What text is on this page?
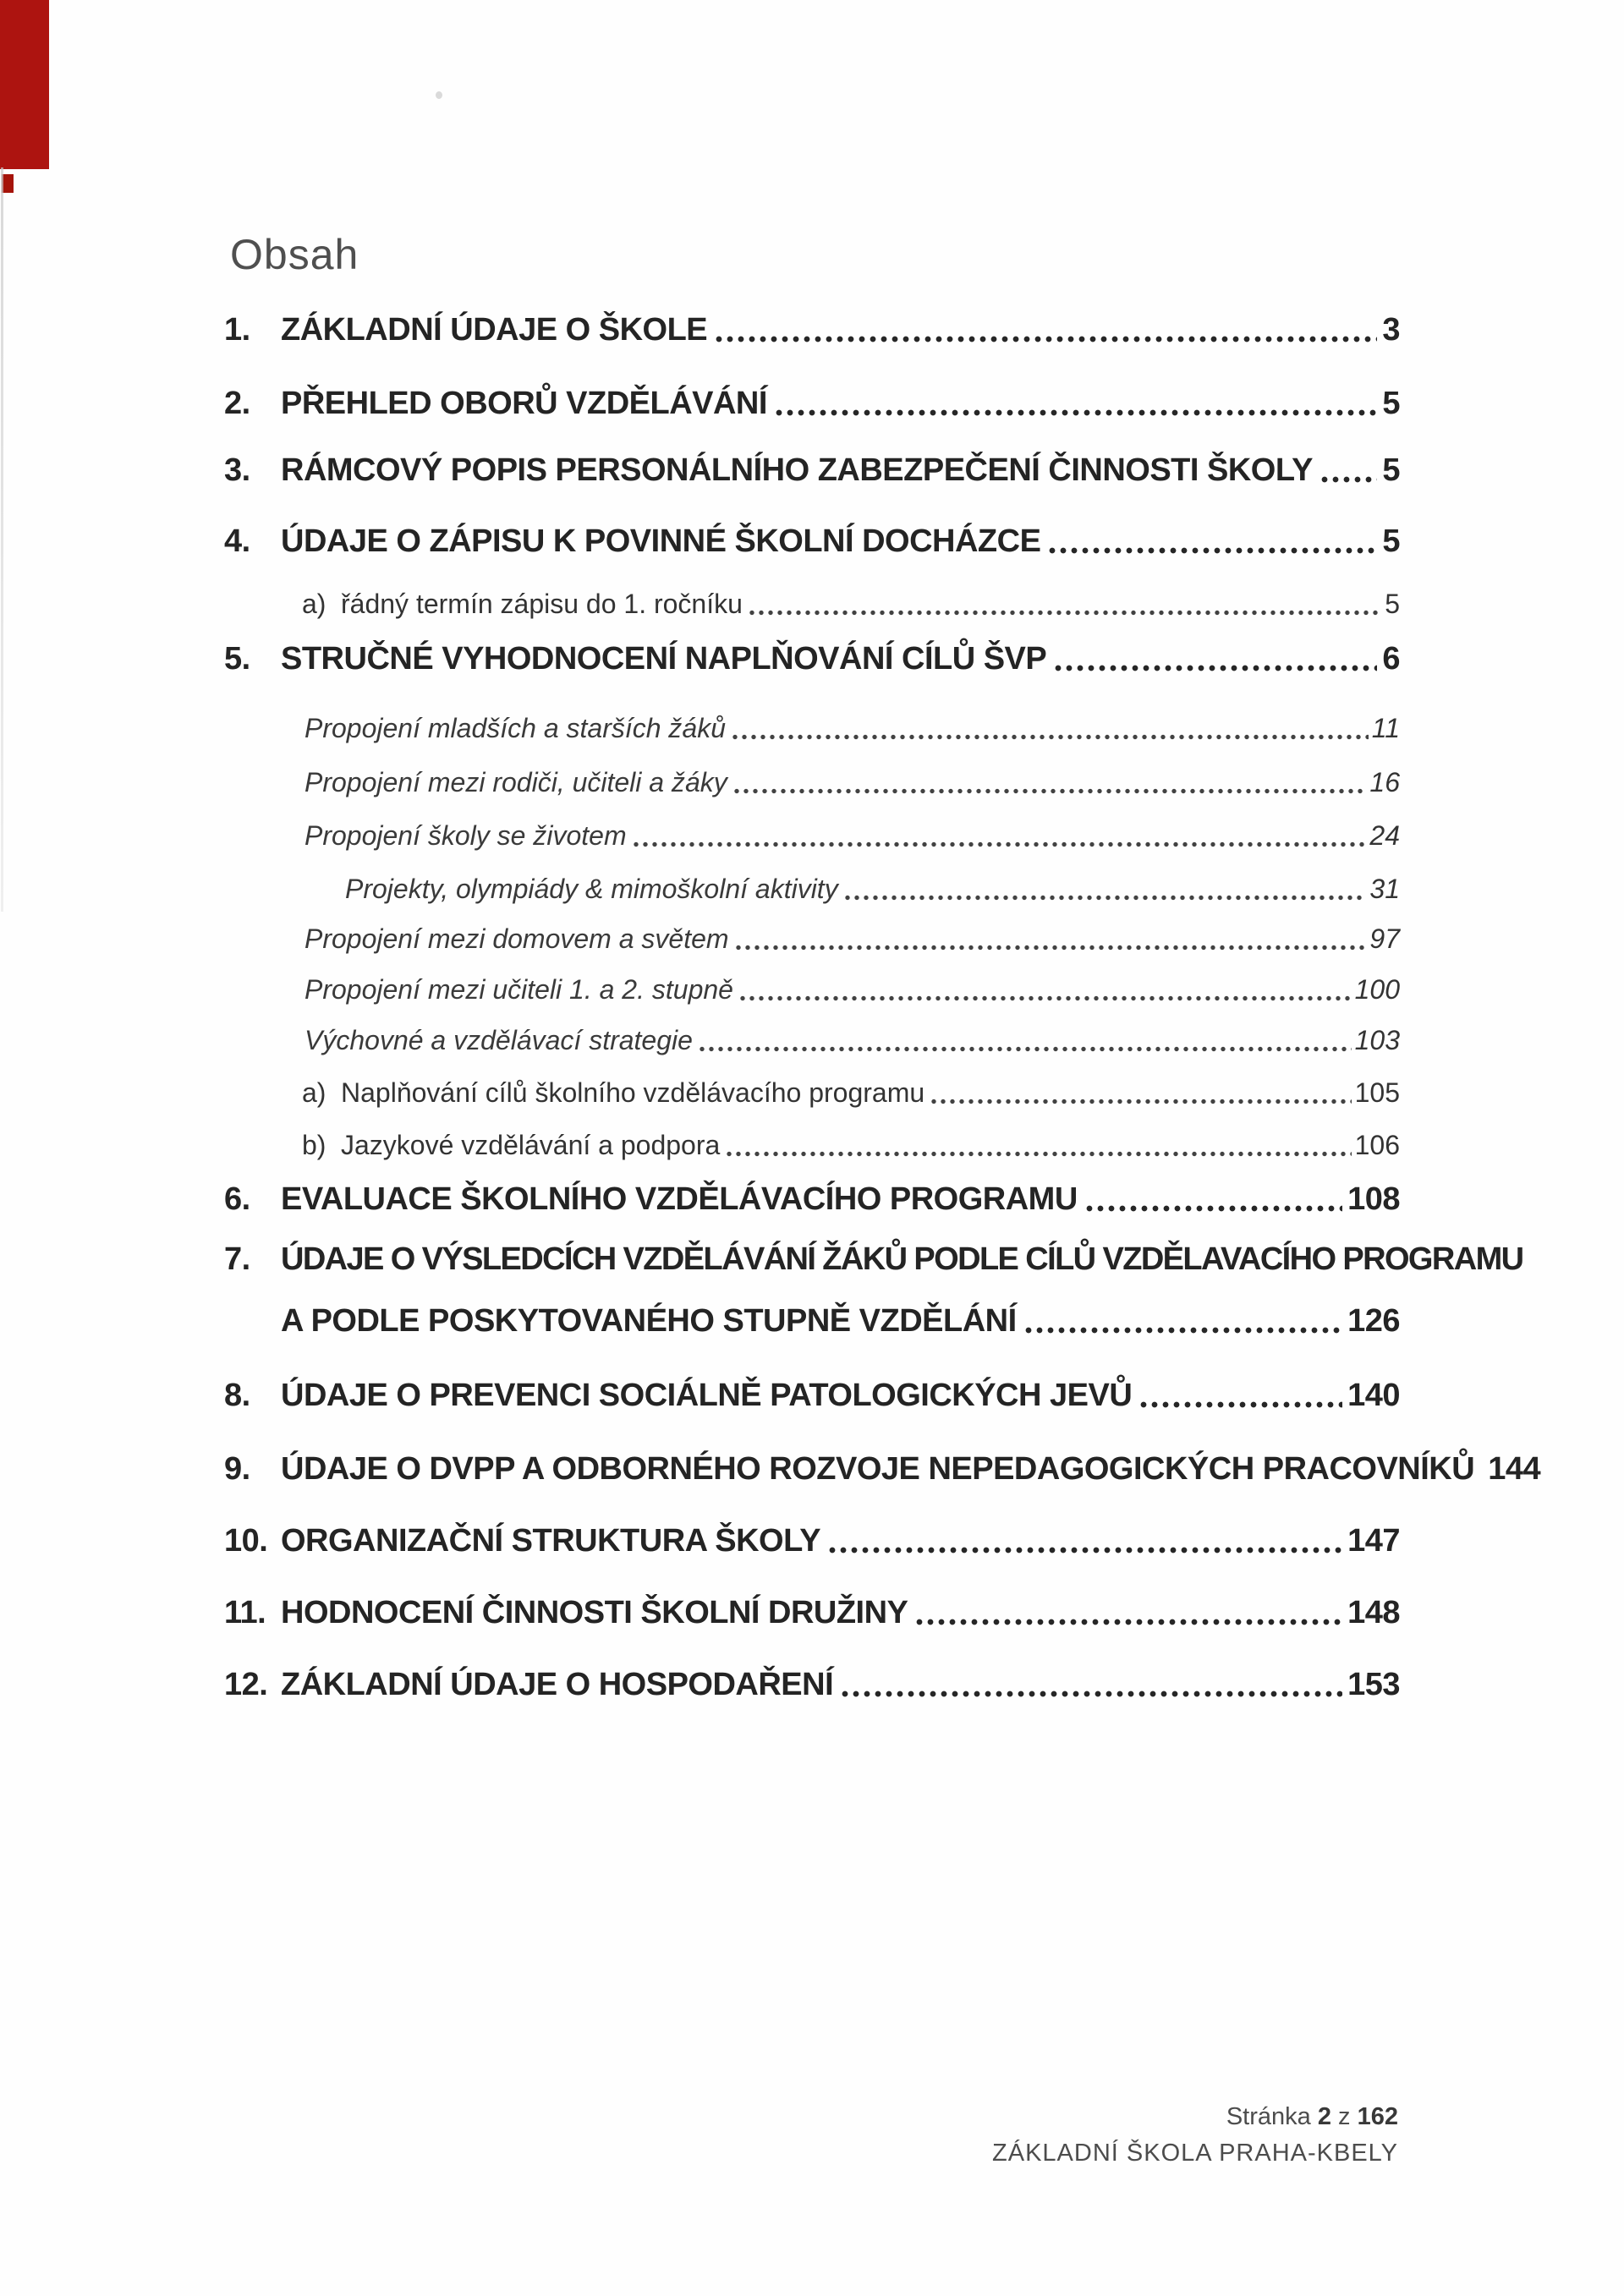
Obsah
1. ZÁKLADNÍ ÚDAJE O ŠKOLE	3
2. PŘEHLED OBORŮ VZDĚLÁVÁNÍ	5
3. RÁMCOVÝ POPIS PERSONÁLNÍHO ZABEZPEČENÍ ČINNOSTI ŠKOLY 5
4. ÚDAJE O ZÁPISU K POVINNÉ ŠKOLNÍ DOCHÁZCE	5
a) řádný termín zápisu do 1. ročníku	5
5. STRUČNÉ VYHODNOCENÍ NAPLŇOVÁNÍ CÍLŮ ŠVP	6
Propojení mladších a starších žáků	11
Propojení mezi rodiči, učiteli a žáky	16
Propojení školy se životem	24
Projekty, olympiády & mimoškolní aktivity	31
Propojení mezi domovem a světem	97
Propojení mezi učiteli 1. a 2. stupně	100
Výchovné a vzdělávací strategie	103
a) Naplňování cílů školního vzdělávacího programu	105
b) Jazykové vzdělávání a podpora	106
6. EVALUACE ŠKOLNÍHO VZDĚLÁVACÍHO PROGRAMU	108
7. ÚDAJE O VÝSLEDCÍCH VZDĚLÁVÁNÍ ŽÁKŮ PODLE CÍLŮ VZDĚLAVACÍHO PROGRAMU
A PODLE POSKYTOVANÉHO STUPNĚ VZDĚLÁNÍ	126
8. ÚDAJE O PREVENCI SOCIÁLNĚ PATOLOGICKÝCH JEVŮ	140
9. ÚDAJE O DVPP A ODBORNÉHO ROZVOJE NEPEDAGOGICKÝCH PRACOVNÍKŮ 144
10. ORGANIZAČNÍ STRUKTURA ŠKOLY	147
11. HODNOCENÍ ČINNOSTI ŠKOLNÍ DRUŽINY	148
12. ZÁKLADNÍ ÚDAJE O HOSPODAŘENÍ	153
Stránka 2 z 162
ZÁKLADNÍ ŠKOLA PRAHA-KBELY
